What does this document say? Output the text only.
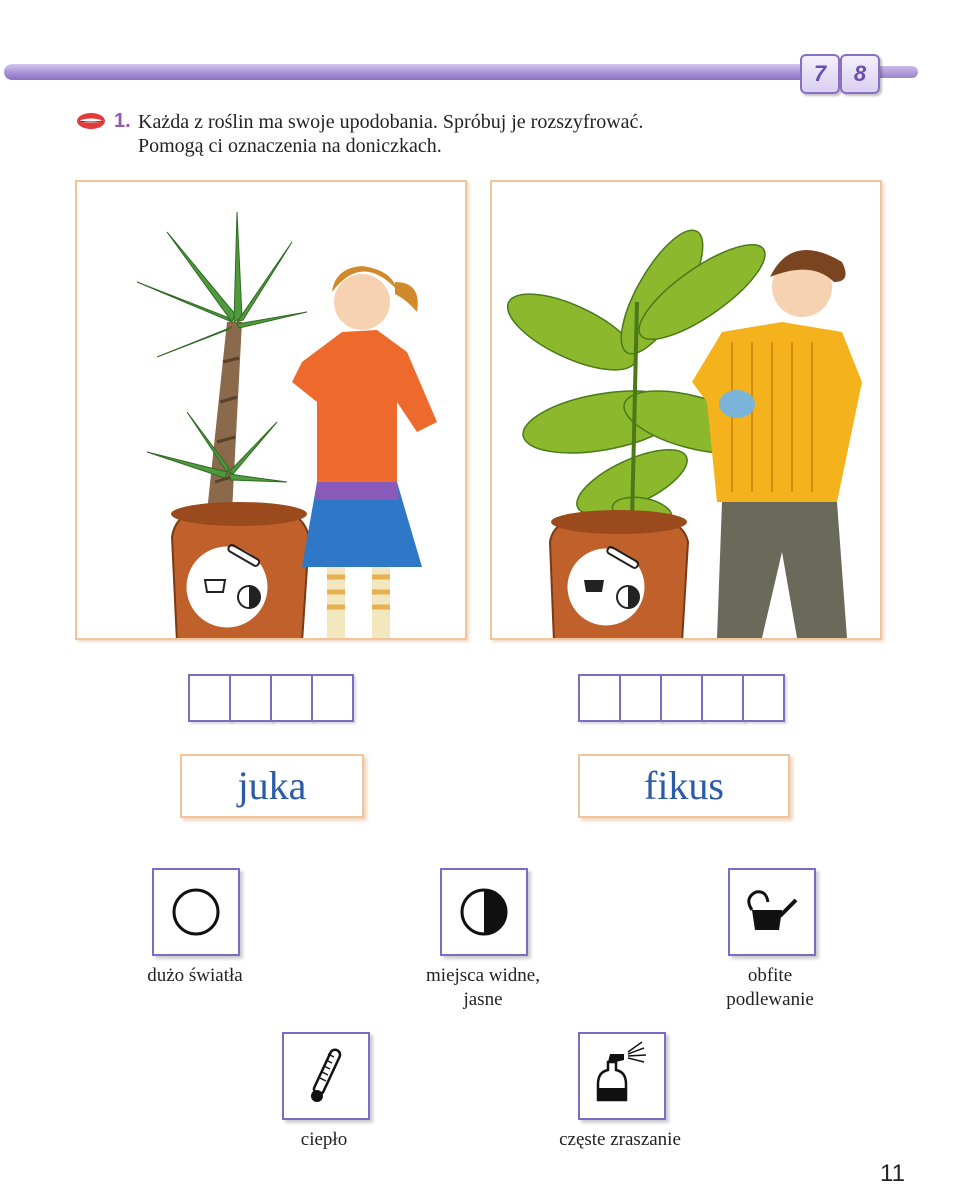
7	8
1. Każda z roślin ma swoje upodobania. Spróbuj je rozszyfrować.
Pomogą ci oznaczenia na doniczkach.
juka	fikus
dużo światła	miejsca widne,
jasne
obfite
podlewanie
ciepło	częste zraszanie
11
